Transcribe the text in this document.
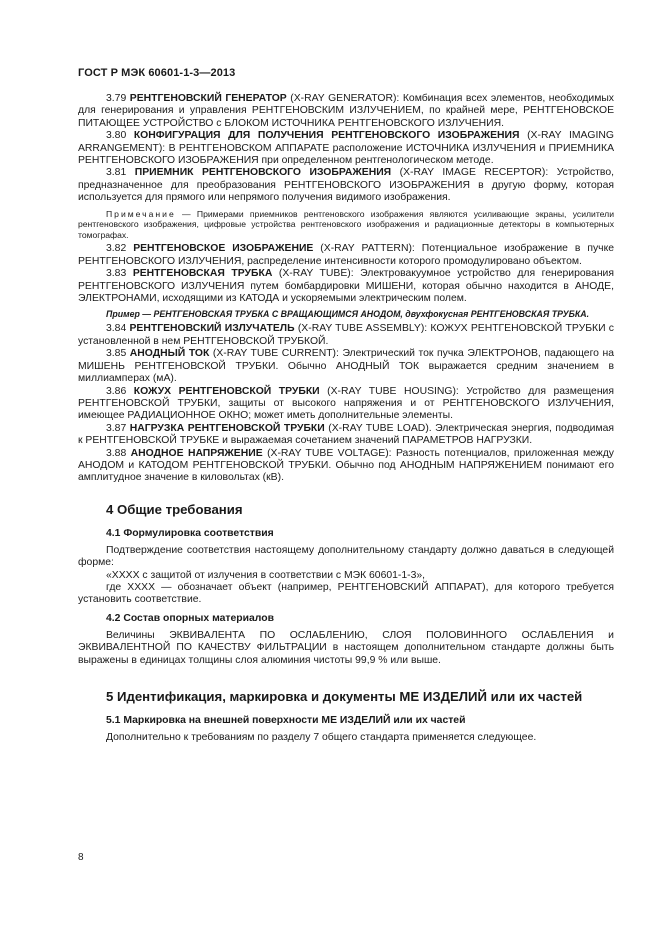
ГОСТ Р МЭК 60601-1-3—2013

3.79 РЕНТГЕНОВСКИЙ ГЕНЕРАТОР (X-RAY GENERATOR): Комбинация всех элементов, необходимых для генерирования и управления РЕНТГЕНОВСКИМ ИЗЛУЧЕНИЕМ, по крайней мере, РЕНТГЕНОВСКОЕ ПИТАЮЩЕЕ УСТРОЙСТВО с БЛОКОМ ИСТОЧНИКА РЕНТГЕНОВСКОГО ИЗЛУЧЕНИЯ.

3.80 КОНФИГУРАЦИЯ ДЛЯ ПОЛУЧЕНИЯ РЕНТГЕНОВСКОГО ИЗОБРАЖЕНИЯ (X-RAY IMAGING ARRANGEMENT): В РЕНТГЕНОВСКОМ АППАРАТЕ расположение ИСТОЧНИКА ИЗЛУЧЕНИЯ и ПРИЕМНИКА РЕНТГЕНОВСКОГО ИЗОБРАЖЕНИЯ при определенном рентгенологическом методе.

3.81 ПРИЕМНИК РЕНТГЕНОВСКОГО ИЗОБРАЖЕНИЯ (X-RAY IMAGE RECEPTOR): Устройство, предназначенное для преобразования РЕНТГЕНОВСКОГО ИЗОБРАЖЕНИЯ в другую форму, которая используется для прямого или непрямого получения видимого изображения.

Примечание — Примерами приемников рентгеновского изображения являются усиливающие экраны, усилители рентгеновского изображения, цифровые устройства рентгеновского изображения и радиационные детекторы в компьютерных томографах.

3.82 РЕНТГЕНОВСКОЕ ИЗОБРАЖЕНИЕ (X-RAY PATTERN): Потенциальное изображение в пучке РЕНТГЕНОВСКОГО ИЗЛУЧЕНИЯ, распределение интенсивности которого промодулировано объектом.

3.83 РЕНТГЕНОВСКАЯ ТРУБКА (X-RAY TUBE): Электровакуумное устройство для генерирования РЕНТГЕНОВСКОГО ИЗЛУЧЕНИЯ путем бомбардировки МИШЕНИ, которая обычно находится в АНОДЕ, ЭЛЕКТРОНАМИ, исходящими из КАТОДА и ускоряемыми электрическим полем.

Пример — РЕНТГЕНОВСКАЯ ТРУБКА С ВРАЩАЮЩИМСЯ АНОДОМ, двухфокусная РЕНТГЕНОВСКАЯ ТРУБКА.

3.84 РЕНТГЕНОВСКИЙ ИЗЛУЧАТЕЛЬ (X-RAY TUBE ASSEMBLY): КОЖУХ РЕНТГЕНОВСКОЙ ТРУБКИ с установленной в нем РЕНТГЕНОВСКОЙ ТРУБКОЙ.

3.85 АНОДНЫЙ ТОК (X-RAY TUBE CURRENT): Электрический ток пучка ЭЛЕКТРОНОВ, падающего на МИШЕНЬ РЕНТГЕНОВСКОЙ ТРУБКИ. Обычно АНОДНЫЙ ТОК выражается средним значением в миллиамперах (мА).

3.86 КОЖУХ РЕНТГЕНОВСКОЙ ТРУБКИ (X-RAY TUBE HOUSING): Устройство для размещения РЕНТГЕНОВСКОЙ ТРУБКИ, защиты от высокого напряжения и от РЕНТГЕНОВСКОГО ИЗЛУЧЕНИЯ, имеющее РАДИАЦИОННОЕ ОКНО; может иметь дополнительные элементы.

3.87 НАГРУЗКА РЕНТГЕНОВСКОЙ ТРУБКИ (X-RAY TUBE LOAD). Электрическая энергия, подводимая к РЕНТГЕНОВСКОЙ ТРУБКЕ и выражаемая сочетанием значений ПАРАМЕТРОВ НАГРУЗКИ.

3.88 АНОДНОЕ НАПРЯЖЕНИЕ (X-RAY TUBE VOLTAGE): Разность потенциалов, приложенная между АНОДОМ и КАТОДОМ РЕНТГЕНОВСКОЙ ТРУБКИ. Обычно под АНОДНЫМ НАПРЯЖЕНИЕМ понимают его амплитудное значение в киловольтах (кВ).

4 Общие требования
4.1 Формулировка соответствия

Подтверждение соответствия настоящему дополнительному стандарту должно даваться в следующей форме:

«XXXX с защитой от излучения в соответствии с МЭК 60601-1-3»,

где XXXX — обозначает объект (например, РЕНТГЕНОВСКИЙ АППАРАТ), для которого требуется установить соответствие.

4.2 Состав опорных материалов

Величины ЭКВИВАЛЕНТА ПО ОСЛАБЛЕНИЮ, СЛОЯ ПОЛОВИННОГО ОСЛАБЛЕНИЯ и ЭКВИВАЛЕНТНОЙ ПО КАЧЕСТВУ ФИЛЬТРАЦИИ в настоящем дополнительном стандарте должны быть выражены в единицах толщины слоя алюминия чистоты 99,9 % или выше.

5 Идентификация, маркировка и документы МЕ ИЗДЕЛИЙ или их частей
5.1 Маркировка на внешней поверхности МЕ ИЗДЕЛИЙ или их частей

Дополнительно к требованиям по разделу 7 общего стандарта применяется следующее.

8
